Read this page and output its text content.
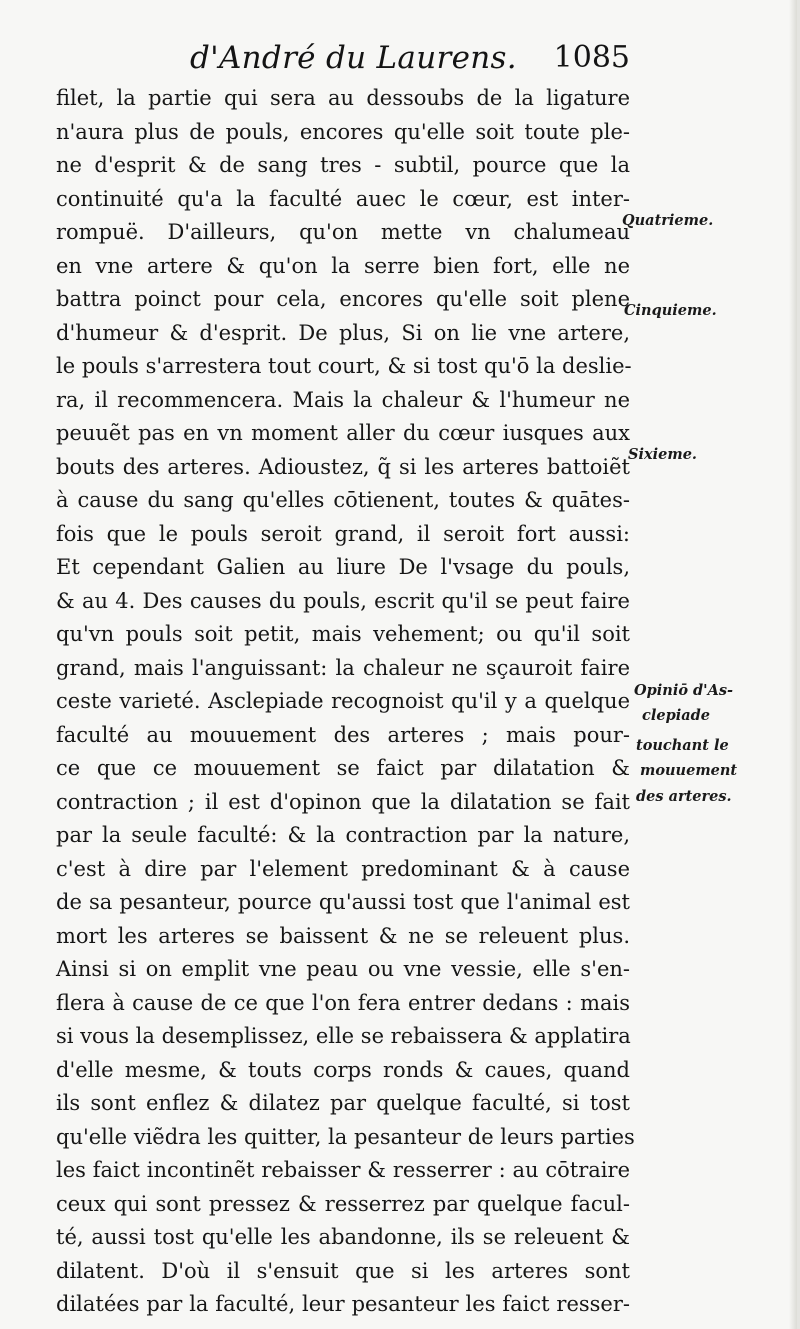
d'André du Laurens. 1085
filet, la partie qui sera au dessoubs de la ligature
n'aura plus de pouls, encores qu'elle soit toute ple-
ne d'esprit & de sang tres - subtil, pource que la
continuité qu'a la faculté auec le cœur, est inter-
rompuë. D'ailleurs, qu'on mette vn chalumeau
en vne artere & qu'on la serre bien fort, elle ne
battra poinct pour cela, encores qu'elle soit plene
d'humeur & d'esprit. De plus, Si on lie vne artere,
le pouls s'arrestera tout court, & si tost qu'ō la deslie-
ra, il recommencera. Mais la chaleur & l'humeur ne
peuuẽt pas en vn moment aller du cœur iusques aux
bouts des arteres. Adioustez, q̃ si les arteres battoiẽt
à cause du sang qu'elles cōtienent, toutes & quātes-
fois que le pouls seroit grand, il seroit fort aussi:
Et cependant Galien au liure De l'vsage du pouls,
& au 4. Des causes du pouls, escrit qu'il se peut faire
qu'vn pouls soit petit, mais vehement; ou qu'il soit
grand, mais l'anguissant: la chaleur ne sçauroit faire
ceste varieté. Asclepiade recognoist qu'il y a quelque
faculté au mouuement des arteres ; mais pour-
ce que ce mouuement se faict par dilatation &
contraction ; il est d'opinon que la dilatation se fait
par la seule faculté: & la contraction par la nature,
c'est à dire par l'element predominant & à cause
de sa pesanteur, pource qu'aussi tost que l'animal est
mort les arteres se baissent & ne se releuent plus.
Ainsi si on emplit vne peau ou vne vessie, elle s'en-
flera à cause de ce que l'on fera entrer dedans : mais
si vous la desemplissez, elle se rebaissera & applatira
d'elle mesme, & touts corps ronds & caues, quand
ils sont enflez & dilatez par quelque faculté, si tost
qu'elle viẽdra les quitter, la pesanteur de leurs parties
les faict incontinẽt rebaisser & resserrer : au cōtraire
ceux qui sont pressez & resserrez par quelque facul-
té, aussi tost qu'elle les abandonne, ils se releuent &
dilatent. D'où il s'ensuit que si les arteres sont
dilatées par la faculté, leur pesanteur les faict resser-
Quatrieme.
Cinquieme.
Sixieme.
Opiniō d'As-
clepiade
touchant le
mouuement
des arteres.
